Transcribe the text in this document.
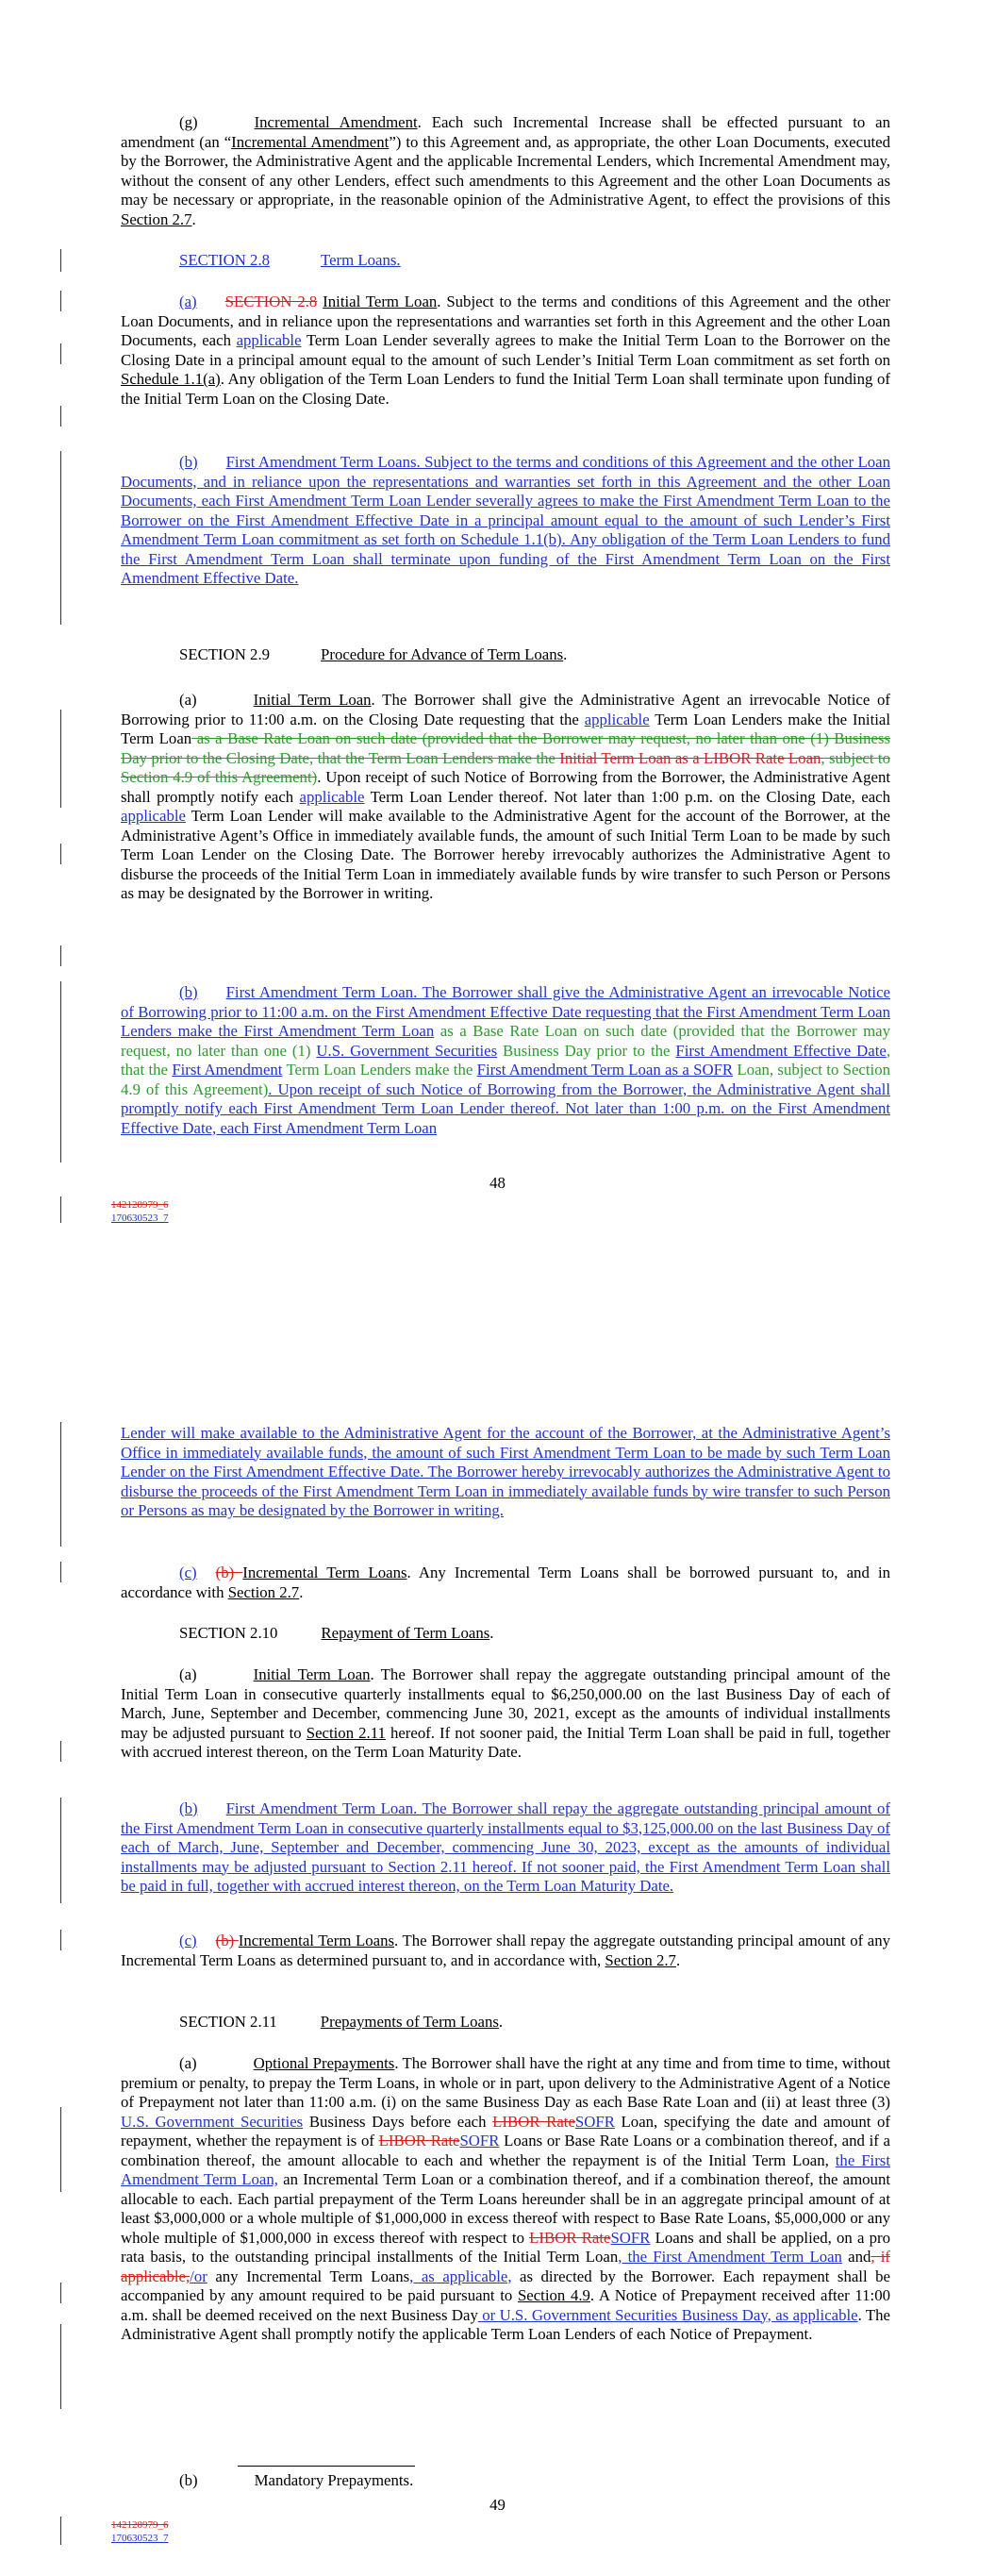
(g)	Incremental Amendment. Each such Incremental Increase shall be effected pursuant to an amendment (an “Incremental Amendment”) to this Agreement and, as appropriate, the other Loan Documents, executed by the Borrower, the Administrative Agent and the applicable Incremental Lenders, which Incremental Amendment may, without the consent of any other Lenders, effect such amendments to this Agreement and the other Loan Documents as may be necessary or appropriate, in the reasonable opinion of the Administrative Agent, to effect the provisions of this Section 2.7.

SECTION 2.8	Term Loans.

(a) SECTION 2.8 Initial Term Loan. Subject to the terms and conditions of this Agreement and the other Loan Documents, and in reliance upon the representations and warranties set forth in this Agreement and the other Loan Documents, each applicable Term Loan Lender severally agrees to make the Initial Term Loan to the Borrower on the Closing Date in a principal amount equal to the amount of such Lender’s Initial Term Loan commitment as set forth on Schedule 1.1(a). Any obligation of the Term Loan Lenders to fund the Initial Term Loan shall terminate upon funding of the Initial Term Loan on the Closing Date.

(b) First Amendment Term Loans. Subject to the terms and conditions of this Agreement and the other Loan Documents, and in reliance upon the representations and warranties set forth in this Agreement and the other Loan Documents, each First Amendment Term Loan Lender severally agrees to make the First Amendment Term Loan to the Borrower on the First Amendment Effective Date in a principal amount equal to the amount of such Lender’s First Amendment Term Loan commitment as set forth on Schedule 1.1(b). Any obligation of the Term Loan Lenders to fund the First Amendment Term Loan shall terminate upon funding of the First Amendment Term Loan on the First Amendment Effective Date.

SECTION 2.9	Procedure for Advance of Term Loans.

(a)	Initial Term Loan. The Borrower shall give the Administrative Agent an irrevocable Notice of Borrowing prior to 11:00 a.m. on the Closing Date requesting that the applicable Term Loan Lenders make the Initial Term Loan as a Base Rate Loan on such date (provided that the Borrower may request, no later than one (1) Business Day prior to the Closing Date, that the Term Loan Lenders make the Initial Term Loan as a LIBOR Rate Loan, subject to Section 4.9 of this Agreement). Upon receipt of such Notice of Borrowing from the Borrower, the Administrative Agent shall promptly notify each applicable Term Loan Lender thereof. Not later than 1:00 p.m. on the Closing Date, each applicable Term Loan Lender will make available to the Administrative Agent for the account of the Borrower, at the Administrative Agent’s Office in immediately available funds, the amount of such Initial Term Loan to be made by such Term Loan Lender on the Closing Date. The Borrower hereby irrevocably authorizes the Administrative Agent to disburse the proceeds of the Initial Term Loan in immediately available funds by wire transfer to such Person or Persons as may be designated by the Borrower in writing.

(b) First Amendment Term Loan. The Borrower shall give the Administrative Agent an irrevocable Notice of Borrowing prior to 11:00 a.m. on the First Amendment Effective Date requesting that the First Amendment Term Loan Lenders make the First Amendment Term Loan as a Base Rate Loan on such date (provided that the Borrower may request, no later than one (1) U.S. Government Securities Business Day prior to the First Amendment Effective Date, that the First Amendment Term Loan Lenders make the First Amendment Term Loan as a SOFR Loan, subject to Section 4.9 of this Agreement). Upon receipt of such Notice of Borrowing from the Borrower, the Administrative Agent shall promptly notify each First Amendment Term Loan Lender thereof. Not later than 1:00 p.m. on the First Amendment Effective Date, each First Amendment Term Loan

48
142128979_6
170630523_7

Lender will make available to the Administrative Agent for the account of the Borrower, at the Administrative Agent’s Office in immediately available funds, the amount of such First Amendment Term Loan to be made by such Term Loan Lender on the First Amendment Effective Date. The Borrower hereby irrevocably authorizes the Administrative Agent to disburse the proceeds of the First Amendment Term Loan in immediately available funds by wire transfer to such Person or Persons as may be designated by the Borrower in writing.

(c) (b) Incremental Term Loans. Any Incremental Term Loans shall be borrowed pursuant to, and in accordance with Section 2.7.

SECTION 2.10	Repayment of Term Loans.

(a)	Initial Term Loan. The Borrower shall repay the aggregate outstanding principal amount of the Initial Term Loan in consecutive quarterly installments equal to $6,250,000.00 on the last Business Day of each of March, June, September and December, commencing June 30, 2021, except as the amounts of individual installments may be adjusted pursuant to Section 2.11 hereof. If not sooner paid, the Initial Term Loan shall be paid in full, together with accrued interest thereon, on the Term Loan Maturity Date.

(b) First Amendment Term Loan. The Borrower shall repay the aggregate outstanding principal amount of the First Amendment Term Loan in consecutive quarterly installments equal to $3,125,000.00 on the last Business Day of each of March, June, September and December, commencing June 30, 2023, except as the amounts of individual installments may be adjusted pursuant to Section 2.11 hereof. If not sooner paid, the First Amendment Term Loan shall be paid in full, together with accrued interest thereon, on the Term Loan Maturity Date.

(c) (b) Incremental Term Loans. The Borrower shall repay the aggregate outstanding principal amount of any Incremental Term Loans as determined pursuant to, and in accordance with, Section 2.7.

SECTION 2.11	Prepayments of Term Loans.

(a)	Optional Prepayments. The Borrower shall have the right at any time and from time to time, without premium or penalty, to prepay the Term Loans, in whole or in part, upon delivery to the Administrative Agent of a Notice of Prepayment not later than 11:00 a.m. (i) on the same Business Day as each Base Rate Loan and (ii) at least three (3) U.S. Government Securities Business Days before each LIBOR RateSOFR Loan, specifying the date and amount of repayment, whether the repayment is of LIBOR RateSOFR Loans or Base Rate Loans or a combination thereof, and if a combination thereof, the amount allocable to each and whether the repayment is of the Initial Term Loan, the First Amendment Term Loan, an Incremental Term Loan or a combination thereof, and if a combination thereof, the amount allocable to each. Each partial prepayment of the Term Loans hereunder shall be in an aggregate principal amount of at least $3,000,000 or a whole multiple of $1,000,000 in excess thereof with respect to Base Rate Loans, $5,000,000 or any whole multiple of $1,000,000 in excess thereof with respect to LIBOR RateSOFR Loans and shall be applied, on a pro rata basis, to the outstanding principal installments of the Initial Term Loan, the First Amendment Term Loan and, if applicable,/or any Incremental Term Loans, as applicable, as directed by the Borrower. Each repayment shall be accompanied by any amount required to be paid pursuant to Section 4.9. A Notice of Prepayment received after 11:00 a.m. shall be deemed received on the next Business Day or U.S. Government Securities Business Day, as applicable. The Administrative Agent shall promptly notify the applicable Term Loan Lenders of each Notice of Prepayment.

(b)	Mandatory Prepayments.

49
142128979_6
170630523_7
